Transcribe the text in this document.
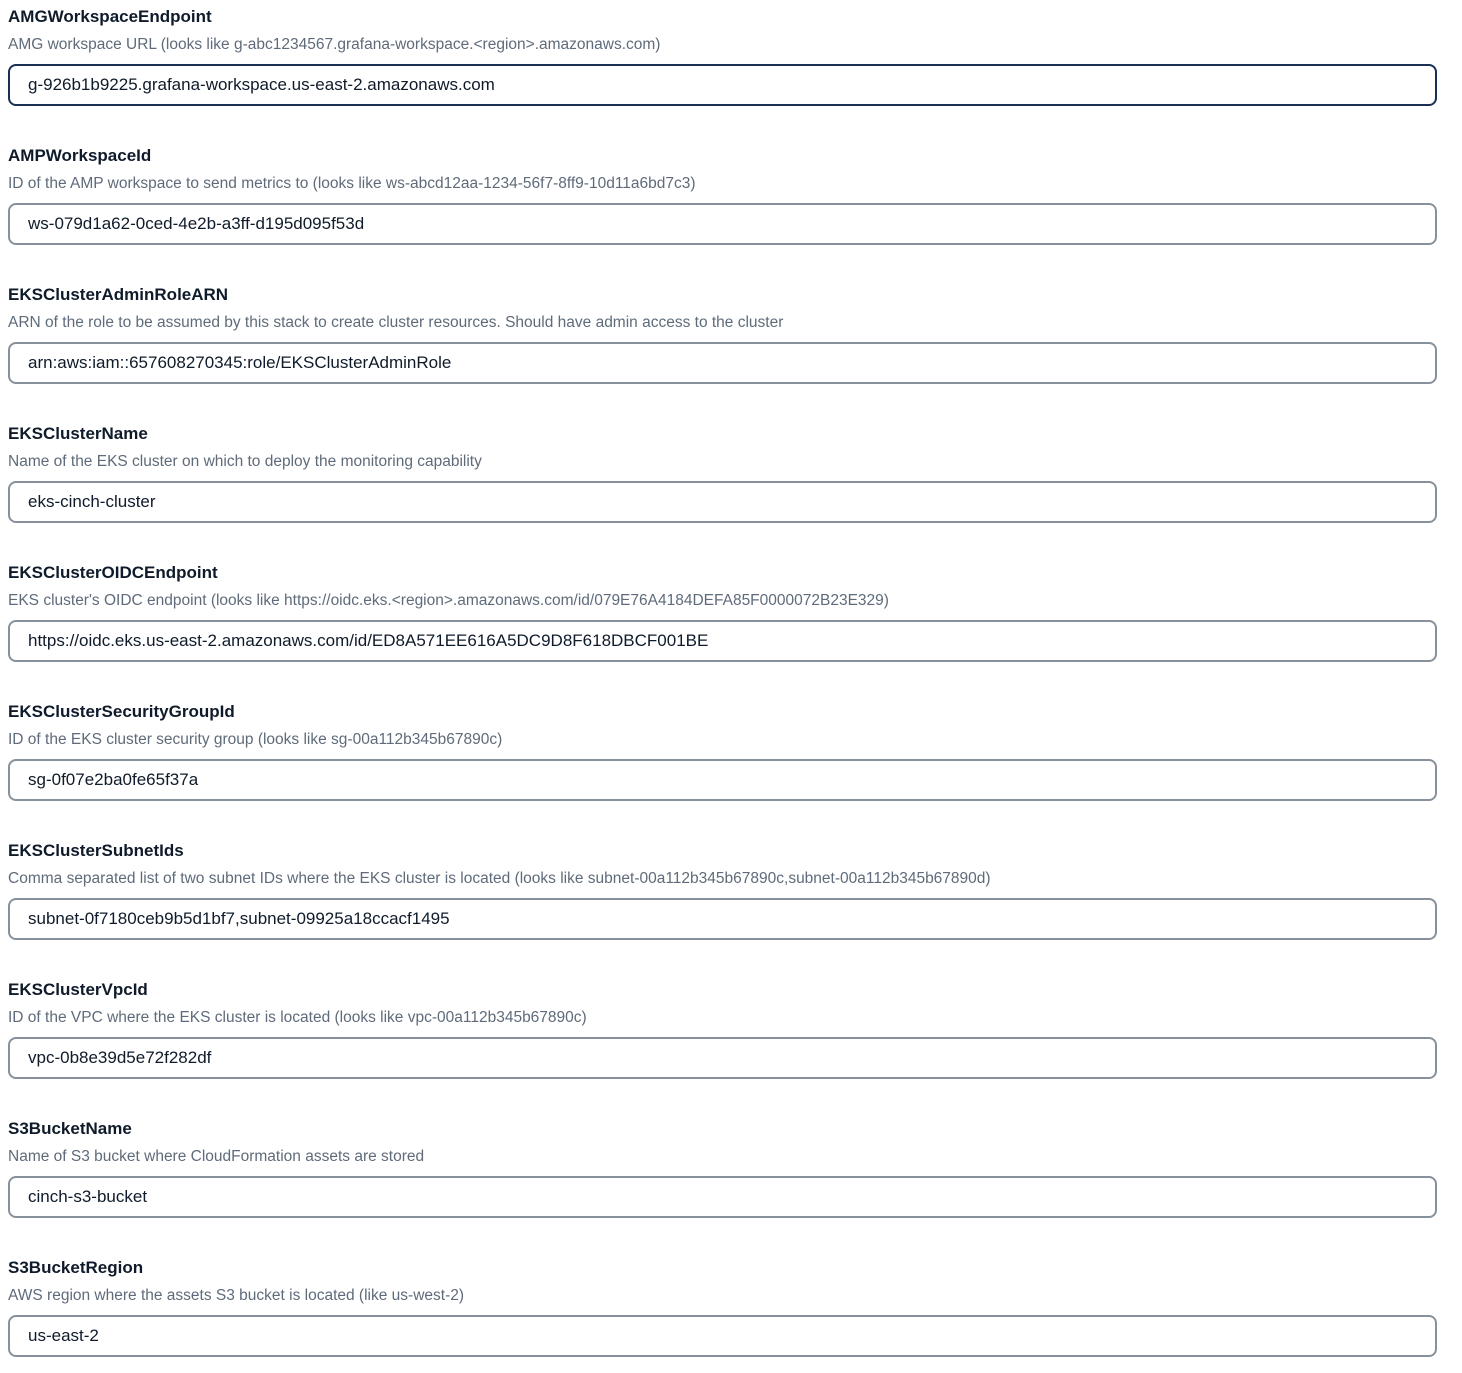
AMGWorkspaceEndpoint
AMG workspace URL (looks like g-abc1234567.grafana-workspace.<region>.amazonaws.com)
g-926b1b9225.grafana-workspace.us-east-2.amazonaws.com
AMPWorkspaceId
ID of the AMP workspace to send metrics to (looks like ws-abcd12aa-1234-56f7-8ff9-10d11a6bd7c3)
ws-079d1a62-0ced-4e2b-a3ff-d195d095f53d
EKSClusterAdminRoleARN
ARN of the role to be assumed by this stack to create cluster resources. Should have admin access to the cluster
arn:aws:iam::657608270345:role/EKSClusterAdminRole
EKSClusterName
Name of the EKS cluster on which to deploy the monitoring capability
eks-cinch-cluster
EKSClusterOIDCEndpoint
EKS cluster's OIDC endpoint (looks like https://oidc.eks.<region>.amazonaws.com/id/079E76A4184DEFA85F0000072B23E329)
https://oidc.eks.us-east-2.amazonaws.com/id/ED8A571EE616A5DC9D8F618DBCF001BE
EKSClusterSecurityGroupId
ID of the EKS cluster security group (looks like sg-00a112b345b67890c)
sg-0f07e2ba0fe65f37a
EKSClusterSubnetIds
Comma separated list of two subnet IDs where the EKS cluster is located (looks like subnet-00a112b345b67890c,subnet-00a112b345b67890d)
subnet-0f7180ceb9b5d1bf7,subnet-09925a18ccacf1495
EKSClusterVpcId
ID of the VPC where the EKS cluster is located (looks like vpc-00a112b345b67890c)
vpc-0b8e39d5e72f282df
S3BucketName
Name of S3 bucket where CloudFormation assets are stored
cinch-s3-bucket
S3BucketRegion
AWS region where the assets S3 bucket is located (like us-west-2)
us-east-2
